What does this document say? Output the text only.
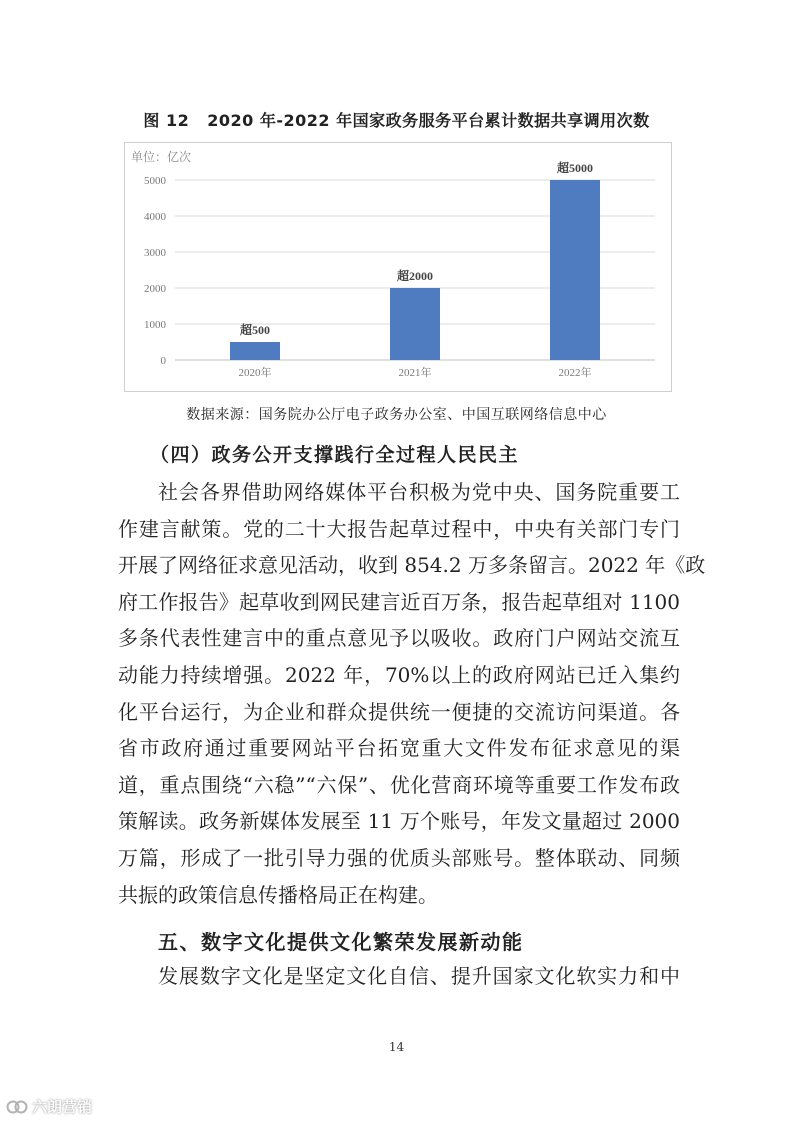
图 12 2020 年-2022 年国家政务服务平台累计数据共享调用次数
单位：亿次
0
1000
2000
3000
4000
5000
超500
2020年
超2000
2021年
超5000
2022年
数据来源：国务院办公厅电子政务办公室、中国互联网络信息中心
（四）政务公开支撑践行全过程人民民主
社会各界借助网络媒体平台积极为党中央、国务院重要工
作建言献策。党的二十大报告起草过程中，中央有关部门专门
开展了网络征求意见活动，收到 854.2 万多条留言。2022 年《政
府工作报告》起草收到网民建言近百万条，报告起草组对 1100
多条代表性建言中的重点意见予以吸收。政府门户网站交流互
动能力持续增强。2022 年，70%以上的政府网站已迁入集约
化平台运行，为企业和群众提供统一便捷的交流访问渠道。各
省市政府通过重要网站平台拓宽重大文件发布征求意见的渠
道，重点围绕“六稳”“六保”、优化营商环境等重要工作发布政
策解读。政务新媒体发展至 11 万个账号，年发文量超过 2000
万篇，形成了一批引导力强的优质头部账号。整体联动、同频
共振的政策信息传播格局正在构建。
五、数字文化提供文化繁荣发展新动能
发展数字文化是坚定文化自信、提升国家文化软实力和中
14
六朗营销
